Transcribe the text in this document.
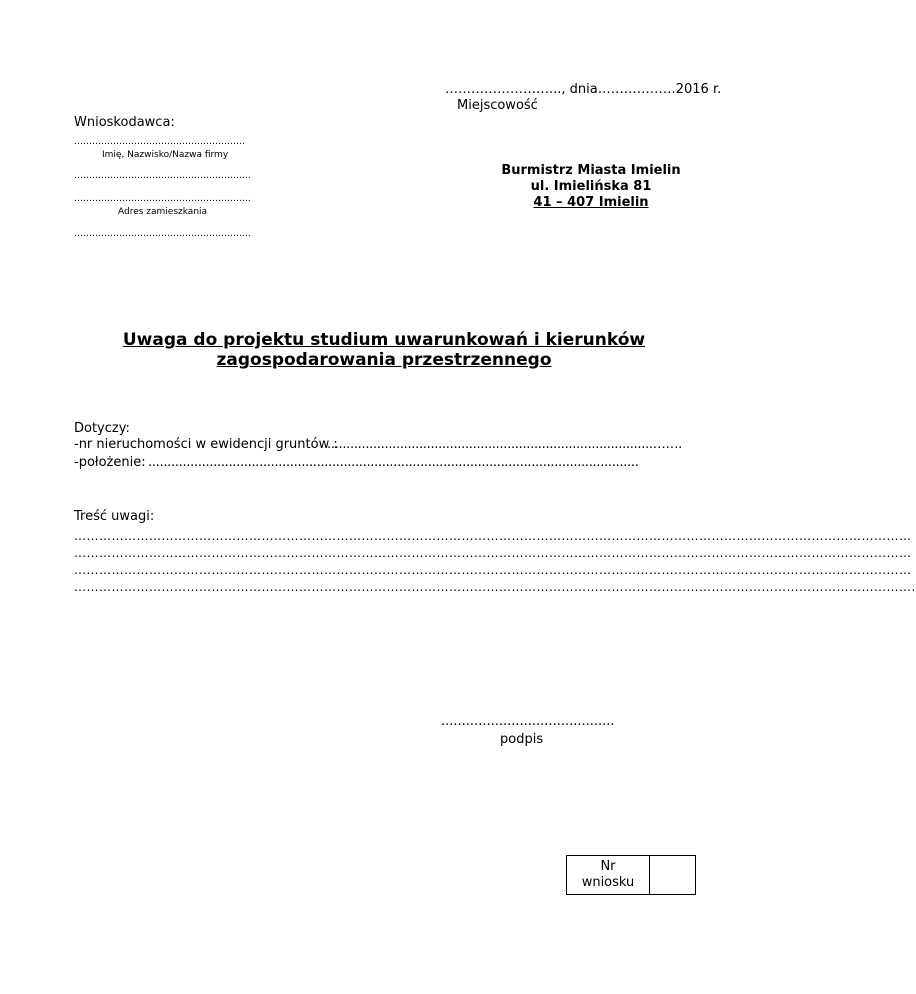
……………………..., dnia………………2016 r.
Miejscowość
Wnioskodawca:
…………………………………………………
Imię, Nazwisko/Nazwa firmy
…………………………………………………..
…………………………………………………..
Adres zamieszkania
…………………………………………………..
Burmistrz Miasta Imielin
ul. Imielińska 81
41 – 407 Imielin
Uwaga do projektu studium uwarunkowań i kierunków
zagospodarowania przestrzennego
Dotyczy:
-nr nieruchomości w ewidencji gruntów :
.....................................................................................…….
-położenie: ................................................................................................................................
Treść uwagi:
…………………………………………………………………………………………………………………………………………………………………………………
…………………………………………………………………………………………………………………………………………………………………………………
…………………………………………………………………………………………………………………………………………………………………………………
………………………………………………………………………………………………………………………………………………………………………………….
..........................................
podpis
Nr
wniosku
